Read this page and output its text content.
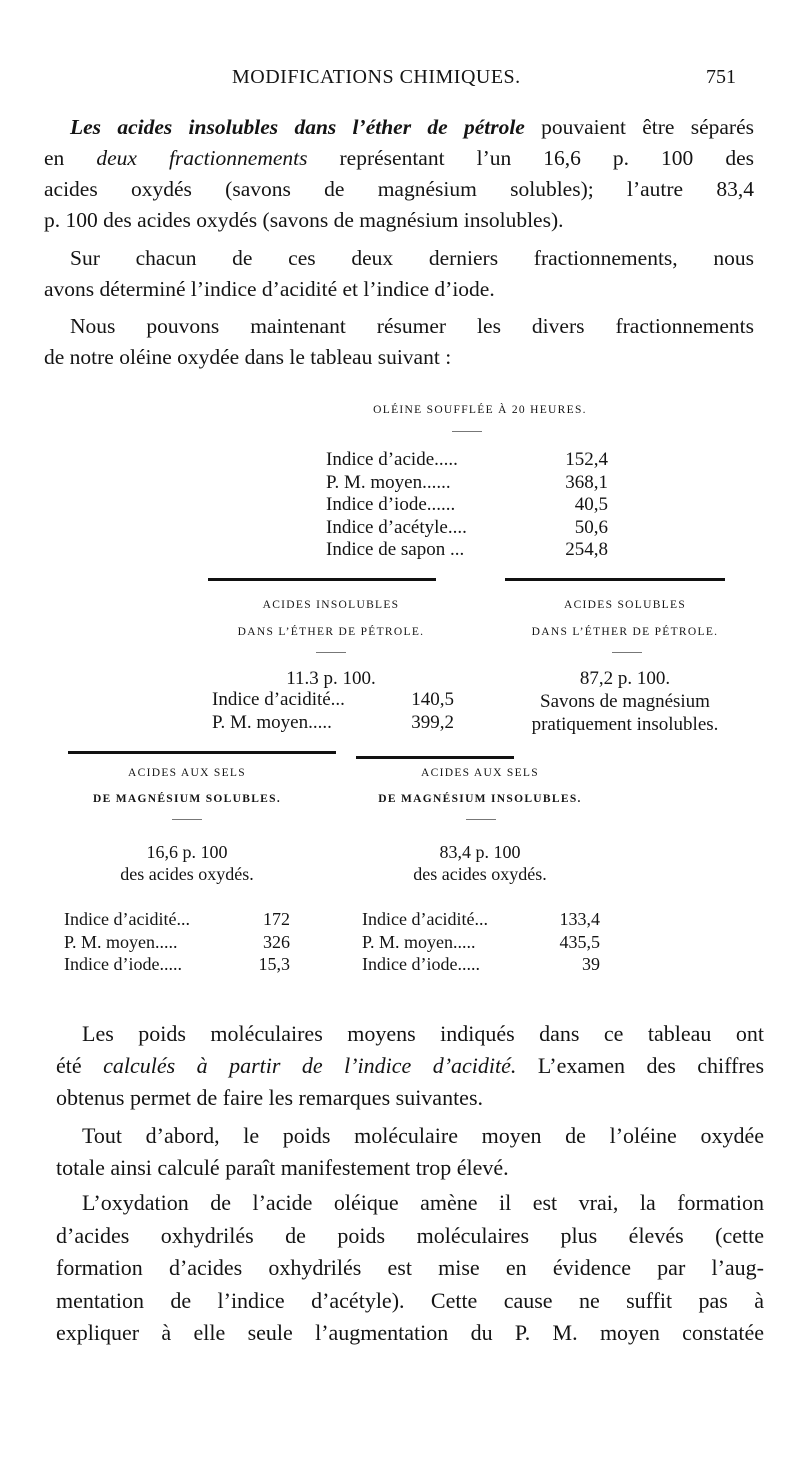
MODIFICATIONS CHIMIQUES.	751
Les acides insolubles dans l’éther de pétrole pouvaient être séparés
en deux fractionnements représentant l’un 16,6 p. 100 des
acides oxydés (savons de magnésium solubles); l’autre 83,4
p. 100 des acides oxydés (savons de magnésium insolubles).
Sur chacun de ces deux derniers fractionnements, nous
avons déterminé l’indice d’acidité et l’indice d’iode.
Nous pouvons maintenant résumer les divers fractionnements
de notre oléine oxydée dans le tableau suivant :
OLÉINE SOUFFLÉE À 20 HEURES.
Indice d’acide.....	152,4
P. M. moyen......	368,1
Indice d’iode......	40,5
Indice d’acétyle....	50,6
Indice de sapon ...	254,8
ACIDES INSOLUBLES
DANS L’ÉTHER DE PÉTROLE.
11.3 p. 100.
Indice d’acidité...	140,5
P. M. moyen.....	399,2
ACIDES SOLUBLES
DANS L’ÉTHER DE PÉTROLE.
87,2 p. 100.
Savons de magnésium
pratiquement insolubles.
ACIDES AUX SELS
DE MAGNÉSIUM SOLUBLES.
16,6 p. 100
des acides oxydés.
Indice d’acidité...	172
P. M. moyen.....	326
Indice d’iode.....	15,3
ACIDES AUX SELS
DE MAGNÉSIUM INSOLUBLES.
83,4 p. 100
des acides oxydés.
Indice d’acidité...	133,4
P. M. moyen.....	435,5
Indice d’iode.....	39
Les poids moléculaires moyens indiqués dans ce tableau ont
été calculés à partir de l’indice d’acidité. L’examen des chiffres
obtenus permet de faire les remarques suivantes.
Tout d’abord, le poids moléculaire moyen de l’oléine oxydée
totale ainsi calculé paraît manifestement trop élevé.
L’oxydation de l’acide oléique amène il est vrai, la formation
d’acides oxhydrilés de poids moléculaires plus élevés (cette
formation d’acides oxhydrilés est mise en évidence par l’aug-
mentation de l’indice d’acétyle). Cette cause ne suffit pas à
expliquer à elle seule l’augmentation du P. M. moyen constatée
